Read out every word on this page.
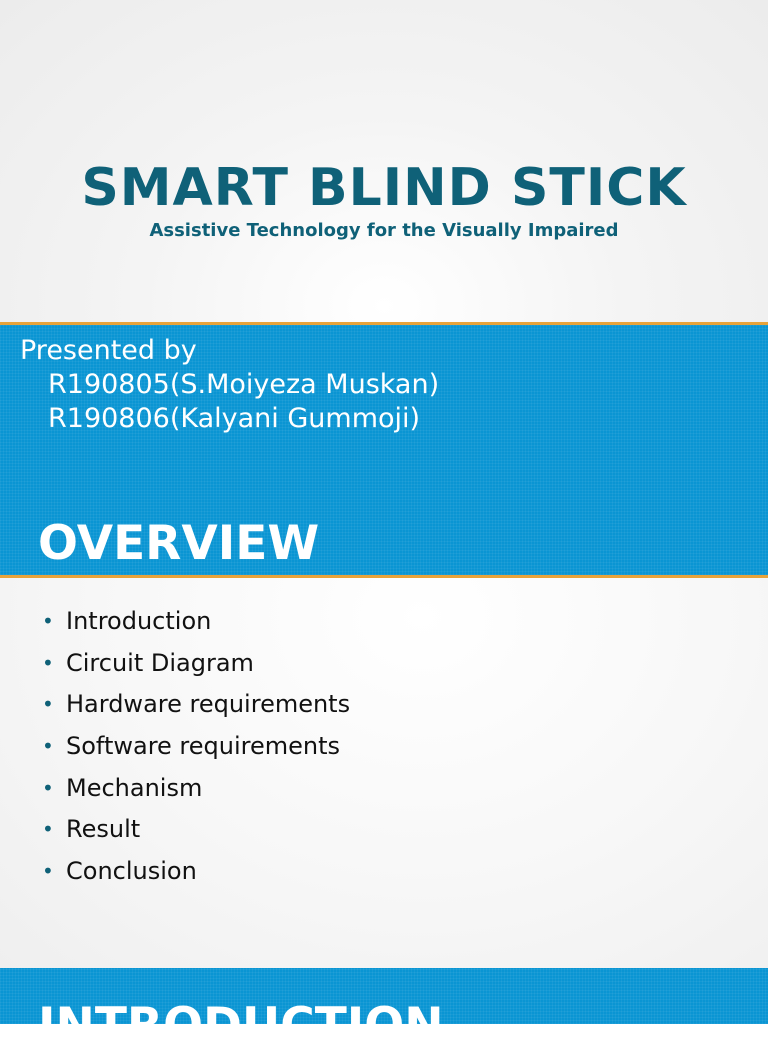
SMART BLIND STICK
Assistive Technology for the Visually Impaired
Presented by
R190805(S.Moiyeza Muskan)
R190806(Kalyani Gummoji)
OVERVIEW
• Introduction
• Circuit Diagram
• Hardware requirements
• Software requirements
• Mechanism
• Result
• Conclusion
INTRODUCTION
